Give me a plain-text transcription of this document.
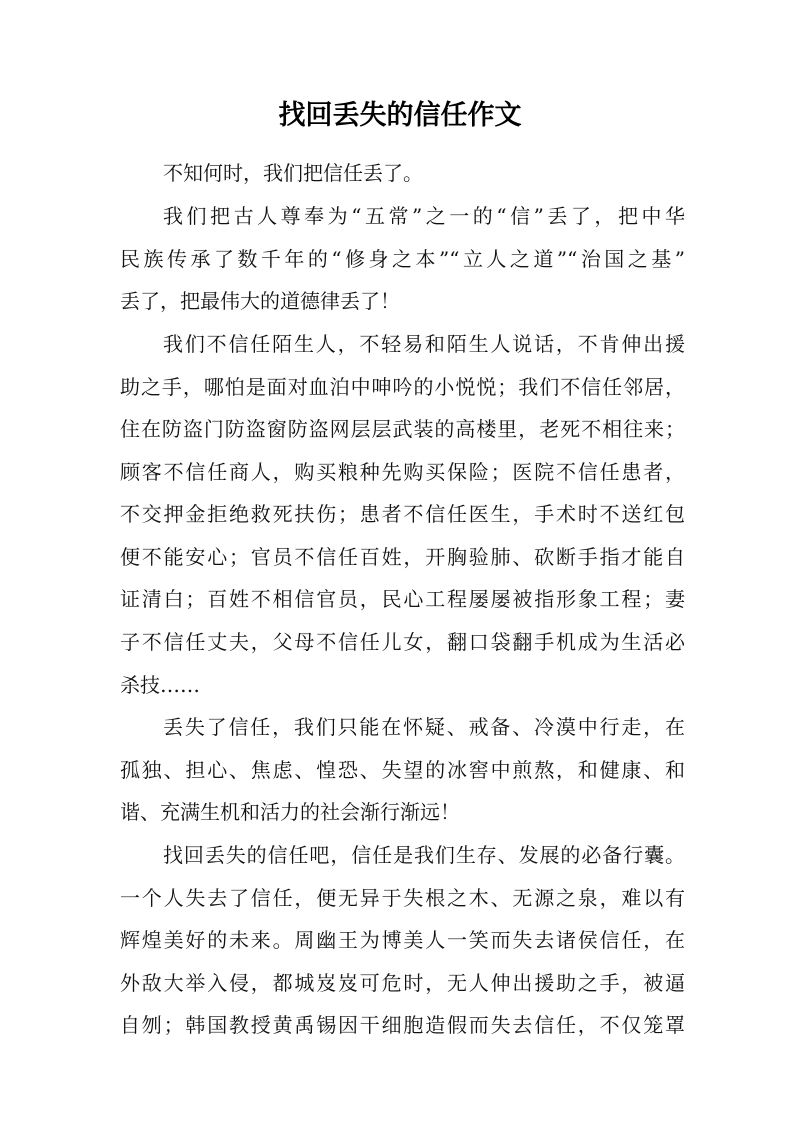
找回丢失的信任作文
不知何时，我们把信任丢了。
我们把古人尊奉为“五常”之一的“信”丢了，把中华
民族传承了数千年的“修身之本”“立人之道”“治国之基”
丢了，把最伟大的道德律丢了！
我们不信任陌生人，不轻易和陌生人说话，不肯伸出援
助之手，哪怕是面对血泊中呻吟的小悦悦；我们不信任邻居，
住在防盗门防盗窗防盗网层层武装的高楼里，老死不相往来；
顾客不信任商人，购买粮种先购买保险；医院不信任患者，
不交押金拒绝救死扶伤；患者不信任医生，手术时不送红包
便不能安心；官员不信任百姓，开胸验肺、砍断手指才能自
证清白；百姓不相信官员，民心工程屡屡被指形象工程；妻
子不信任丈夫，父母不信任儿女，翻口袋翻手机成为生活必
杀技……
丢失了信任，我们只能在怀疑、戒备、冷漠中行走，在
孤独、担心、焦虑、惶恐、失望的冰窖中煎熬，和健康、和
谐、充满生机和活力的社会渐行渐远！
找回丢失的信任吧，信任是我们生存、发展的必备行囊。
一个人失去了信任，便无异于失根之木、无源之泉，难以有
辉煌美好的未来。周幽王为博美人一笑而失去诸侯信任，在
外敌大举入侵，都城岌岌可危时，无人伸出援助之手，被逼
自刎；韩国教授黄禹锡因干细胞造假而失去信任，不仅笼罩
